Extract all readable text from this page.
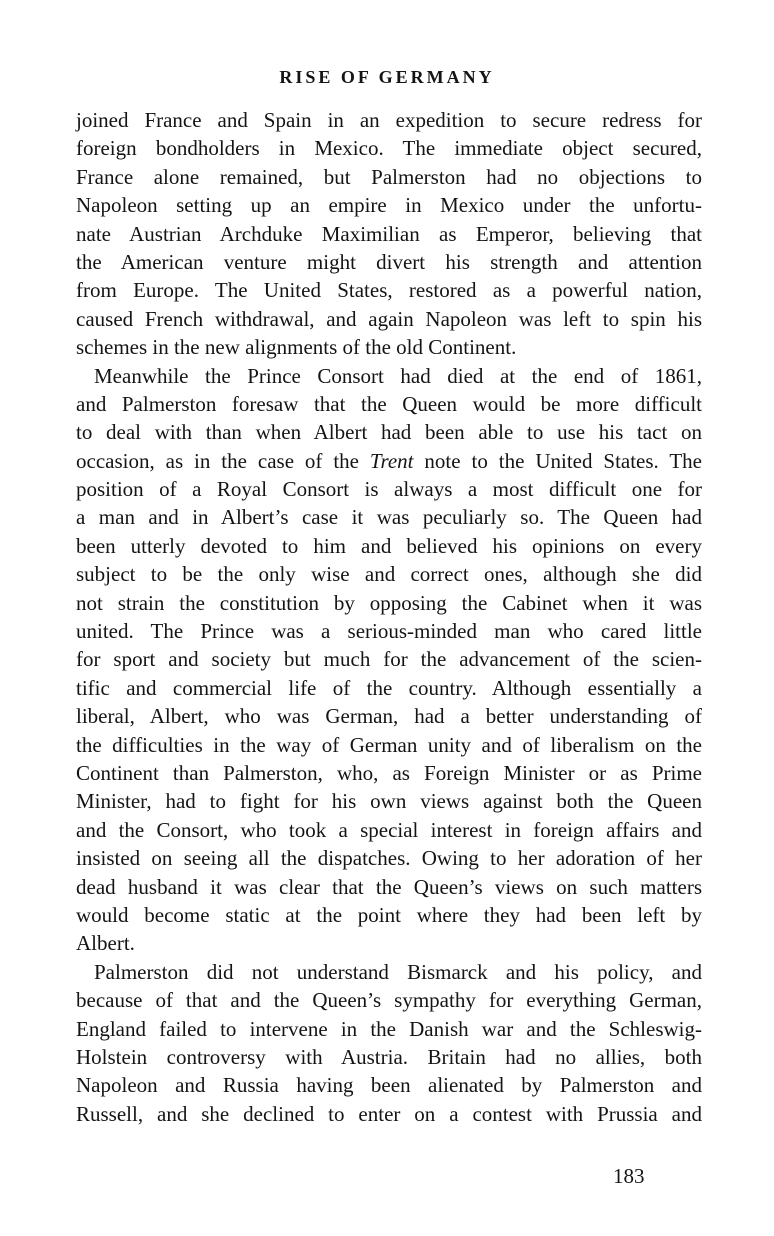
RISE OF GERMANY
joined France and Spain in an expedition to secure redress for
foreign bondholders in Mexico. The immediate object secured,
France alone remained, but Palmerston had no objections to
Napoleon setting up an empire in Mexico under the unfortu-
nate Austrian Archduke Maximilian as Emperor, believing that
the American venture might divert his strength and attention
from Europe. The United States, restored as a powerful nation,
caused French withdrawal, and again Napoleon was left to spin his
schemes in the new alignments of the old Continent.
Meanwhile the Prince Consort had died at the end of 1861,
and Palmerston foresaw that the Queen would be more difficult
to deal with than when Albert had been able to use his tact on
occasion, as in the case of the Trent note to the United States. The
position of a Royal Consort is always a most difficult one for
a man and in Albert’s case it was peculiarly so. The Queen had
been utterly devoted to him and believed his opinions on every
subject to be the only wise and correct ones, although she did
not strain the constitution by opposing the Cabinet when it was
united. The Prince was a serious-minded man who cared little
for sport and society but much for the advancement of the scien-
tific and commercial life of the country. Although essentially a
liberal, Albert, who was German, had a better understanding of
the difficulties in the way of German unity and of liberalism on the
Continent than Palmerston, who, as Foreign Minister or as Prime
Minister, had to fight for his own views against both the Queen
and the Consort, who took a special interest in foreign affairs and
insisted on seeing all the dispatches. Owing to her adoration of her
dead husband it was clear that the Queen’s views on such matters
would become static at the point where they had been left by
Albert.
Palmerston did not understand Bismarck and his policy, and
because of that and the Queen’s sympathy for everything German,
England failed to intervene in the Danish war and the Schleswig-
Holstein controversy with Austria. Britain had no allies, both
Napoleon and Russia having been alienated by Palmerston and
Russell, and she declined to enter on a contest with Prussia and
183
